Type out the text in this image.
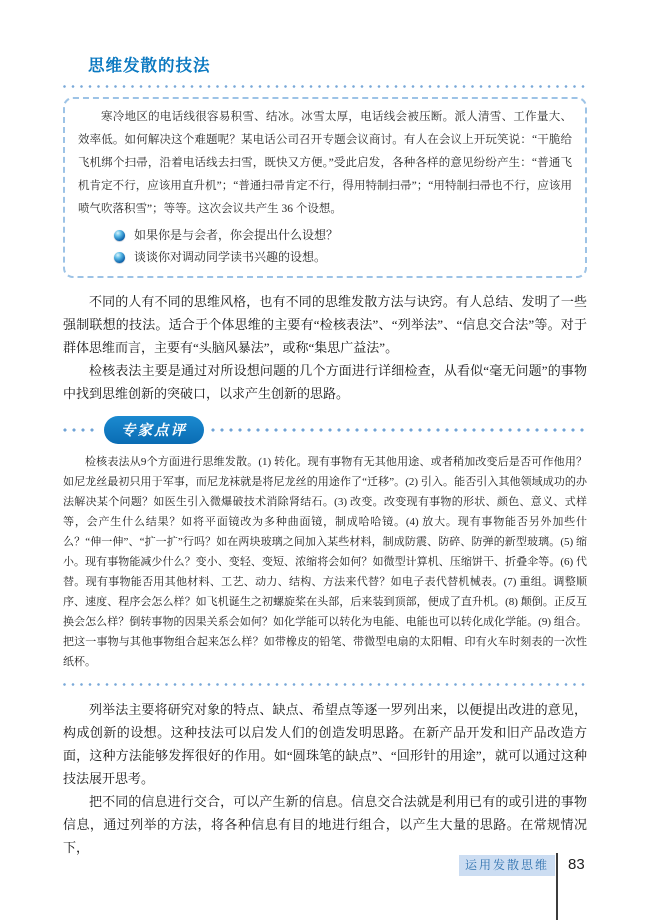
思维发散的技法

寒冷地区的电话线很容易积雪、结冰。冰雪太厚，电话线会被压断。派人清雪、工作量大、效率低。如何解决这个难题呢？某电话公司召开专题会议商讨。有人在会议上开玩笑说：“干脆给飞机绑个扫帚，沿着电话线去扫雪，既快又方便。”受此启发，各种各样的意见纷纷产生：“普通飞机肯定不行，应该用直升机”；“普通扫帚肯定不行，得用特制扫帚”；“用特制扫帚也不行，应该用喷气吹落积雪”；等等。这次会议共产生 36 个设想。

如果你是与会者，你会提出什么设想？
谈谈你对调动同学读书兴趣的设想。

不同的人有不同的思维风格，也有不同的思维发散方法与诀窍。有人总结、发明了一些强制联想的技法。适合于个体思维的主要有“检核表法”、“列举法”、“信息交合法”等。对于群体思维而言，主要有“头脑风暴法”，或称“集思广益法”。

检核表法主要是通过对所设想问题的几个方面进行详细检查，从看似“毫无问题”的事物中找到思维创新的突破口，以求产生创新的思路。

专家点评

检核表法从9个方面进行思维发散。(1) 转化。现有事物有无其他用途、或者稍加改变后是否可作他用？如尼龙丝最初只用于军事，而尼龙袜就是将尼龙丝的用途作了“迁移”。(2) 引入。能否引入其他领域成功的办法解决某个问题？如医生引入微爆破技术消除肾结石。(3) 改变。改变现有事物的形状、颜色、意义、式样等，会产生什么结果？如将平面镜改为多种曲面镜，制成哈哈镜。(4) 放大。现有事物能否另外加些什么？“伸一伸”、“扩一扩”行吗？如在两块玻璃之间加入某些材料，制成防震、防碎、防弹的新型玻璃。(5) 缩小。现有事物能减少什么？变小、变轻、变短、浓缩将会如何？如微型计算机、压缩饼干、折叠伞等。(6) 代替。现有事物能否用其他材料、工艺、动力、结构、方法来代替？如电子表代替机械表。(7) 重组。调整顺序、速度、程序会怎么样？如飞机诞生之初螺旋桨在头部，后来装到顶部，便成了直升机。(8) 颠倒。正反互换会怎么样？倒转事物的因果关系会如何？如化学能可以转化为电能、电能也可以转化成化学能。(9) 组合。把这一事物与其他事物组合起来怎么样？如带橡皮的铅笔、带微型电扇的太阳帽、印有火车时刻表的一次性纸杯。

列举法主要将研究对象的特点、缺点、希望点等逐一罗列出来，以便提出改进的意见，构成创新的设想。这种技法可以启发人们的创造发明思路。在新产品开发和旧产品改造方面，这种方法能够发挥很好的作用。如“圆珠笔的缺点”、“回形针的用途”，就可以通过这种技法展开思考。

把不同的信息进行交合，可以产生新的信息。信息交合法就是利用已有的或引进的事物信息，通过列举的方法，将各种信息有目的地进行组合，以产生大量的思路。在常规情况下，

运用发散思维	83
